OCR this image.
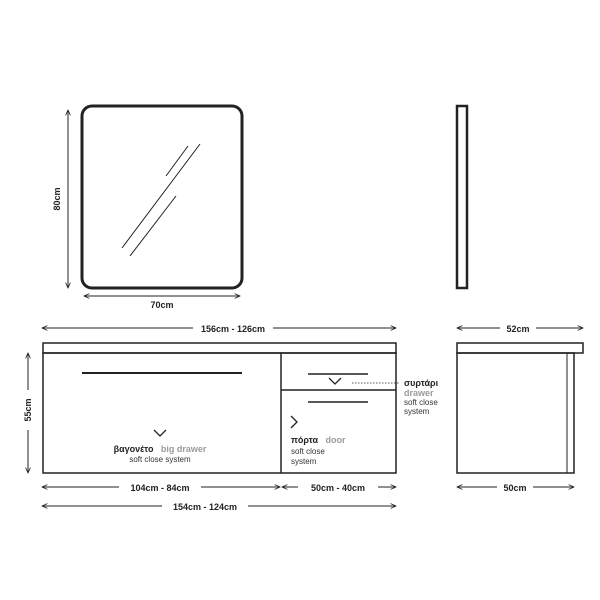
80cm
70cm
156cm - 126cm
55cm
βαγονέτο big drawer
soft close system
πόρτα door
soft close
system
συρτάρι
drawer
soft close
system
104cm - 84cm	50cm - 40cm
154cm - 124cm
52cm
50cm
